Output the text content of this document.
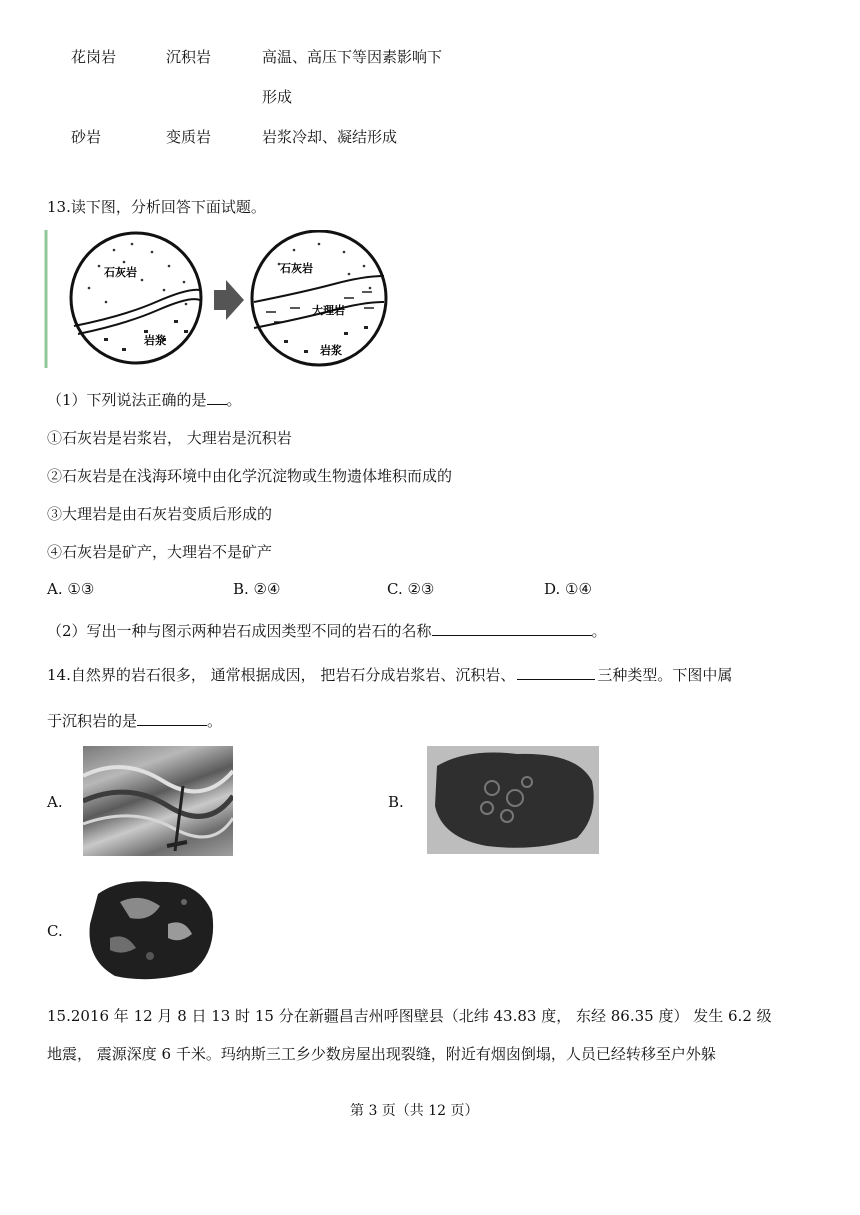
花岗岩	沉积岩	高温、高压下等因素影响下
形成
砂岩	变质岩	岩浆冷却、凝结形成
13.读下图，分析回答下面试题。
石灰岩
岩浆
石灰岩
大理岩
岩浆
（1）下列说法正确的是 。
①石灰岩是岩浆岩， 大理岩是沉积岩
②石灰岩是在浅海环境中由化学沉淀物或生物遗体堆积而成的
③大理岩是由石灰岩变质后形成的
④石灰岩是矿产，大理岩不是矿产
A. ①③	B. ②④	C. ②③	D. ①④
（2）写出一种与图示两种岩石成因类型不同的岩石的名称	。
14.自然界的岩石很多， 通常根据成因， 把岩石分成岩浆岩、沉积岩、	三种类型。下图中属
于沉积岩的是	。
A.	B.
C.
15.2016 年 12 月 8 日 13 时 15 分在新疆昌吉州呼图壁县（北纬 43.83 度， 东经 86.35 度） 发生 6.2 级
地震， 震源深度 6 千米。玛纳斯三工乡少数房屋出现裂缝，附近有烟囱倒塌，人员已经转移至户外躲
第 3 页（共 12 页）
